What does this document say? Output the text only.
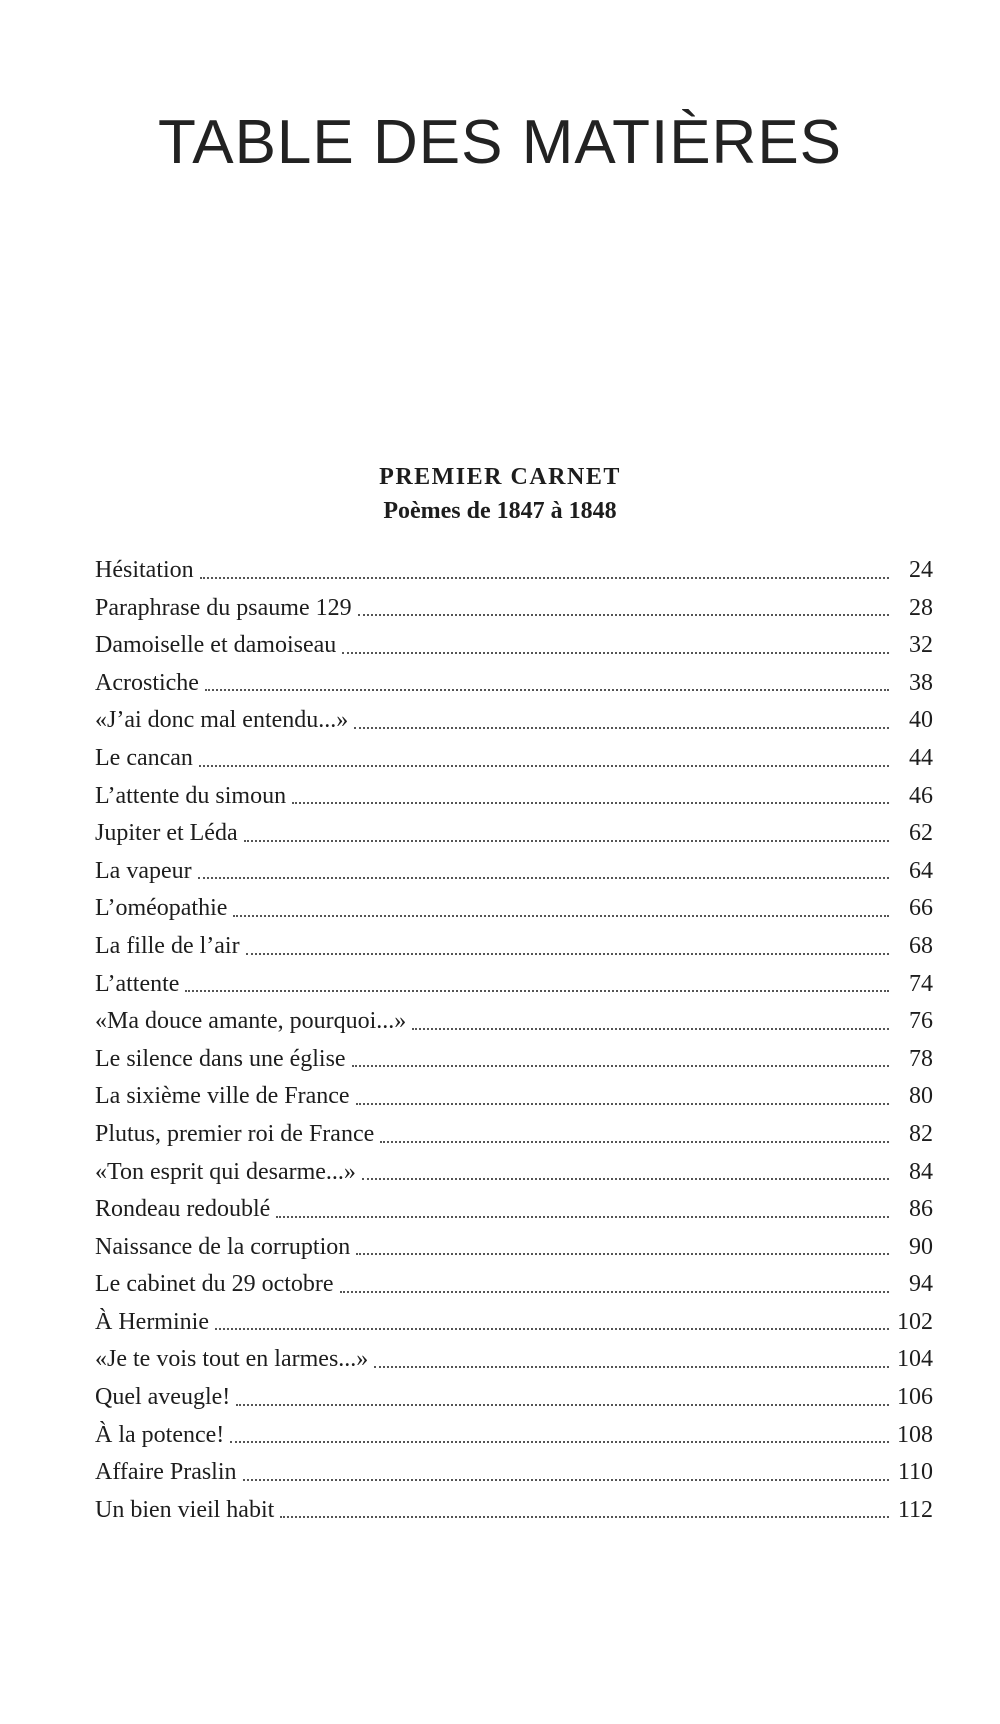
TABLE DES MATIÈRES

PREMIER CARNET

Poèmes de 1847 à 1848

Hésitation	24
Paraphrase du psaume 129	28
Damoiselle et damoiseau	32
Acrostiche	38
«J’ai donc mal entendu...»	40
Le cancan	44
L’attente du simoun	46
Jupiter et Léda	62
La vapeur	64
L’oméopathie	66
La fille de l’air	68
L’attente	74
«Ma douce amante, pourquoi...»	76
Le silence dans une église	78
La sixième ville de France	80
Plutus, premier roi de France	82
«Ton esprit qui desarme...»	84
Rondeau redoublé	86
Naissance de la corruption	90
Le cabinet du 29 octobre	94
À Herminie	102
«Je te vois tout en larmes...»	104
Quel aveugle!	106
À la potence!	108
Affaire Praslin	110
Un bien vieil habit	112
